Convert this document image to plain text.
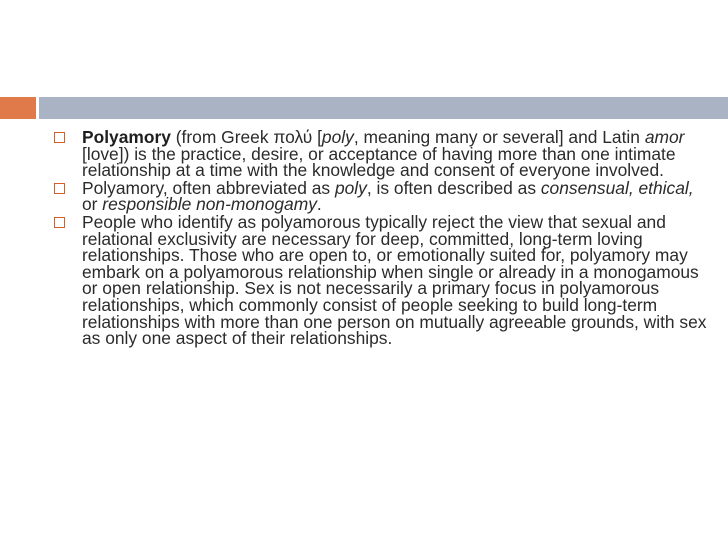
Polyamory (from Greek πολύ [poly, meaning many or several] and Latin amor [love]) is the practice, desire, or acceptance of having more than one intimate relationship at a time with the knowledge and consent of everyone involved.
Polyamory, often abbreviated as poly, is often described as consensual, ethical, or responsible non-monogamy.
People who identify as polyamorous typically reject the view that sexual and relational exclusivity are necessary for deep, committed, long-term loving relationships. Those who are open to, or emotionally suited for, polyamory may embark on a polyamorous relationship when single or already in a monogamous or open relationship. Sex is not necessarily a primary focus in polyamorous relationships, which commonly consist of people seeking to build long-term relationships with more than one person on mutually agreeable grounds, with sex as only one aspect of their relationships.
